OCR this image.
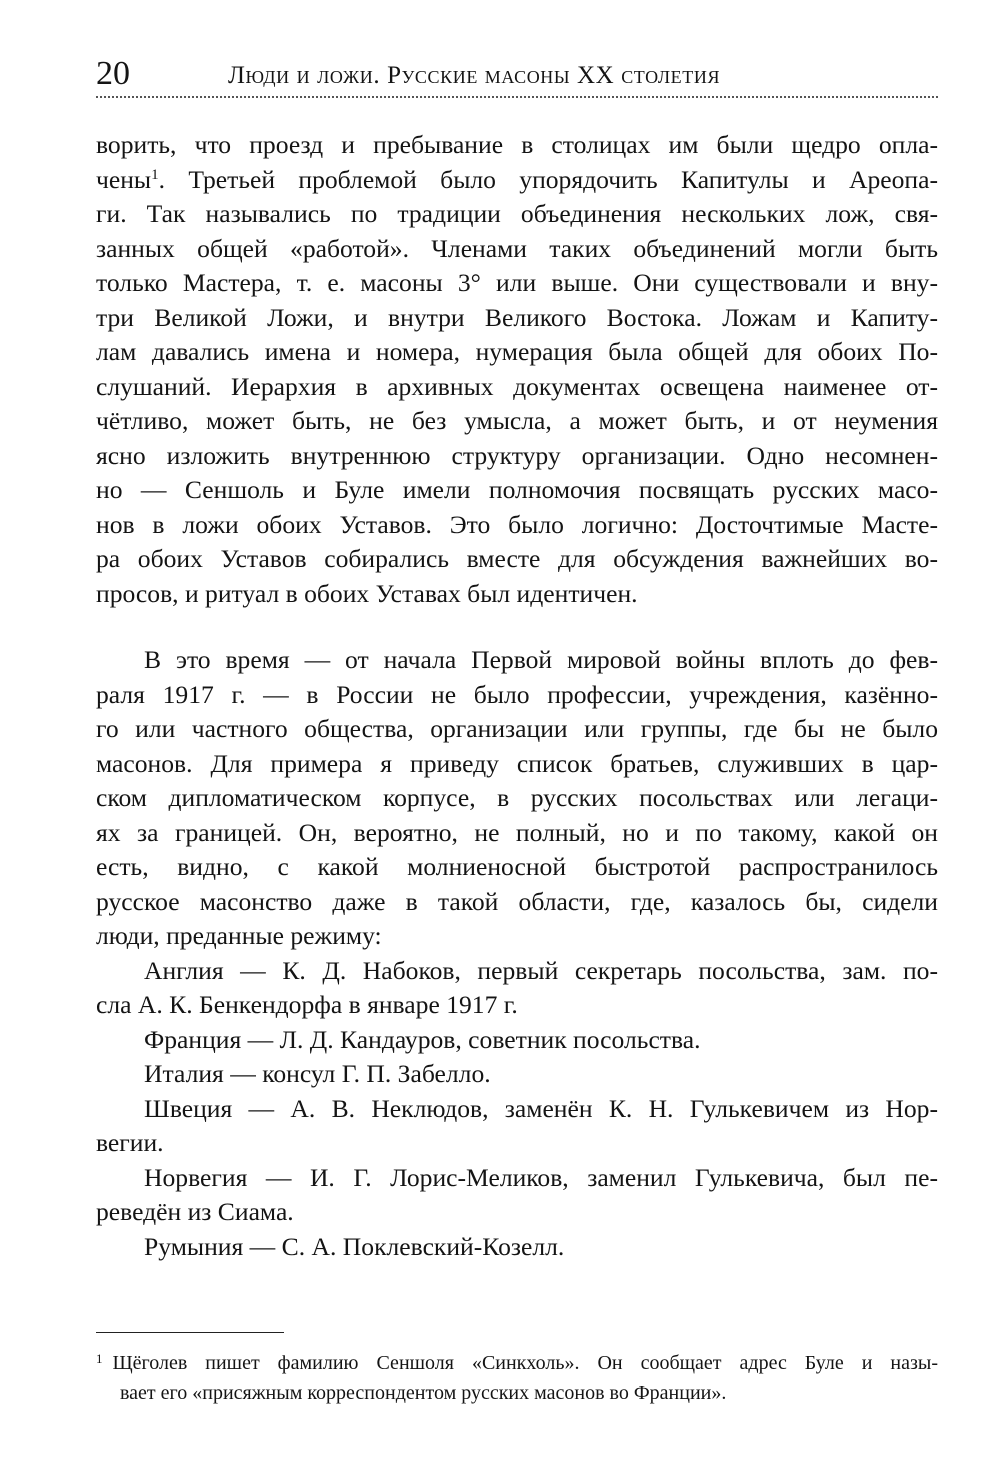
20	Люди и ложи. Русские масоны XX столетия

ворить, что проезд и пребывание в столицах им были щедро опла-
чены$^1$. Третьей проблемой было упорядочить Капитулы и Ареопа-
ги. Так назывались по традиции объединения нескольких лож, свя-
занных общей «работой». Членами таких объединений могли быть
только Мастера, т. е. масоны 3° или выше. Они существовали и вну-
три Великой Ложи, и внутри Великого Востока. Ложам и Капиту-
лам давались имена и номера, нумерация была общей для обоих По-
слушаний. Иерархия в архивных документах освещена наименее от-
чётливо, может быть, не без умысла, а может быть, и от неумения
ясно изложить внутреннюю структуру организации. Одно несомнен-
но — Сеншоль и Буле имели полномочия посвящать русских масо-
нов в ложи обоих Уставов. Это было логично: Досточтимые Масте-
ра обоих Уставов собирались вместе для обсуждения важнейших во-
просов, и ритуал в обоих Уставах был идентичен.

В это время — от начала Первой мировой войны вплоть до фев-
раля 1917 г. — в России не было профессии, учреждения, казённо-
го или частного общества, организации или группы, где бы не было
масонов. Для примера я приведу список братьев, служивших в цар-
ском дипломатическом корпусе, в русских посольствах или легаци-
ях за границей. Он, вероятно, не полный, но и по такому, какой он
есть, видно, с какой молниеносной быстротой распространилось
русское масонство даже в такой области, где, казалось бы, сидели
люди, преданные режиму:

Англия — К. Д. Набоков, первый секретарь посольства, зам. по-
сла А. К. Бенкендорфа в январе 1917 г.

Франция — Л. Д. Кандауров, советник посольства.

Италия — консул Г. П. Забелло.

Швеция — А. В. Неклюдов, заменён К. Н. Гулькевичем из Нор-
вегии.

Норвегия — И. Г. Лорис-Меликов, заменил Гулькевича, был пе-
реведён из Сиама.

Румыния — С. А. Поклевский-Козелл.

$^1$ Щёголев пишет фамилию Сеншоля «Синкхоль». Он сообщает адрес Буле и назы-
вает его «присяжным корреспондентом русских масонов во Франции».
